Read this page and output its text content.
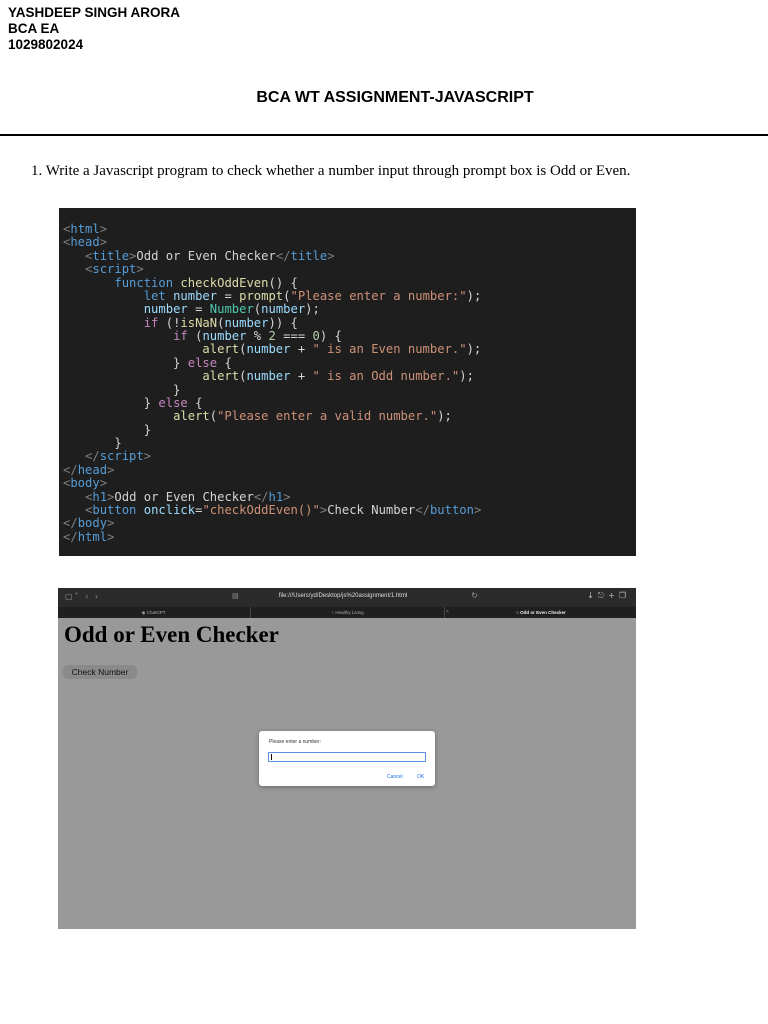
YASHDEEP SINGH ARORA
BCA EA
1029802024
BCA WT ASSIGNMENT-JAVASCRIPT
1. Write a Javascript program to check whether a number input through prompt box is Odd or Even.
<html>
<head>
<title>Odd or Even Checker</title>
<script>
function checkOddEven() {
let number = prompt("Please enter a number:");
number = Number(number);
if (!isNaN(number)) {
if (number % 2 === 0) {
alert(number + " is an Even number.");
} else {
alert(number + " is an Odd number.");
}
} else {
alert("Please enter a valid number.");
}
}
</script>
</head>
<body>
<h1>Odd or Even Checker</h1>
<button onclick="checkOddEven()">Check Number</button>
</body>
</html>
▢˅ ‹ ›	▤	file:///Users/yd/Desktop/js%20assignment/1.html	↻	↓⎋+❐
◉ ChatGPT	○ Healthy Living	×	○ Odd or Even Checker
Odd or Even Checker
Check Number
Please enter a number:
Cancel	OK
